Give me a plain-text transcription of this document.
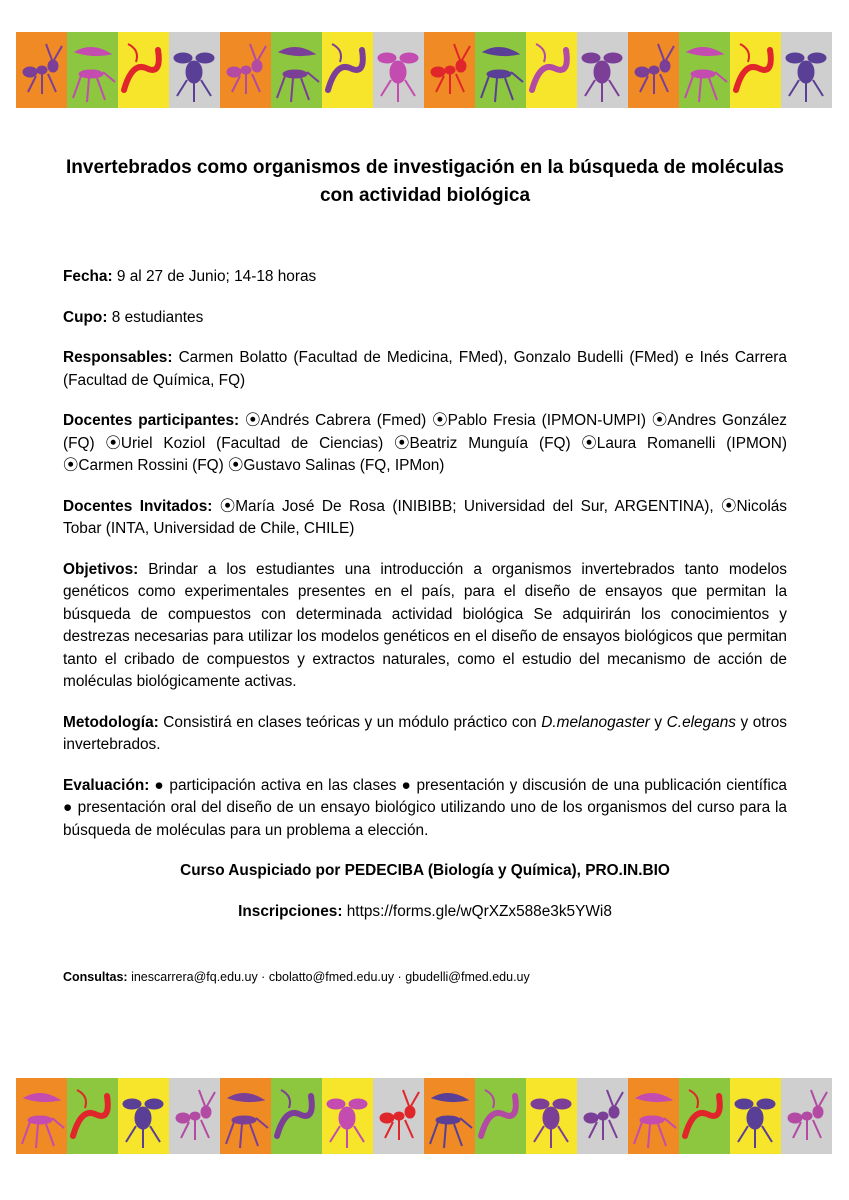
Invertebrados como organismos de investigación en la búsqueda de moléculas con actividad biológica

Fecha: 9 al 27 de Junio; 14-18 horas

Cupo: 8 estudiantes

Responsables: Carmen Bolatto (Facultad de Medicina, FMed), Gonzalo Budelli (FMed) e Inés Carrera (Facultad de Química, FQ)

Docentes participantes: ⦿Andrés Cabrera (Fmed) ⦿Pablo Fresia (IPMON-UMPI) ⦿Andres González (FQ) ⦿Uriel Koziol (Facultad de Ciencias) ⦿Beatriz Munguía (FQ) ⦿Laura Romanelli (IPMON) ⦿Carmen Rossini (FQ) ⦿Gustavo Salinas (FQ, IPMon)

Docentes Invitados: ⦿María José De Rosa (INIBIBB; Universidad del Sur, ARGENTINA), ⦿Nicolás Tobar (INTA, Universidad de Chile, CHILE)

Objetivos: Brindar a los estudiantes una introducción a organismos invertebrados tanto modelos genéticos como experimentales presentes en el país, para el diseño de ensayos que permitan la búsqueda de compuestos con determinada actividad biológica Se adquirirán los conocimientos y destrezas necesarias para utilizar los modelos genéticos en el diseño de ensayos biológicos que permitan tanto el cribado de compuestos y extractos naturales, como el estudio del mecanismo de acción de moléculas biológicamente activas.

Metodología: Consistirá en clases teóricas y un módulo práctico con D.melanogaster y C.elegans y otros invertebrados.

Evaluación: ● participación activa en las clases ● presentación y discusión de una publicación científica ● presentación oral del diseño de un ensayo biológico utilizando uno de los organismos del curso para la búsqueda de moléculas para un problema a elección.

Curso Auspiciado por PEDECIBA (Biología y Química), PRO.IN.BIO

Inscripciones: https://forms.gle/wQrXZx588e3k5YWi8

Consultas: inescarrera@fq.edu.uy · cbolatto@fmed.edu.uy · gbudelli@fmed.edu.uy
